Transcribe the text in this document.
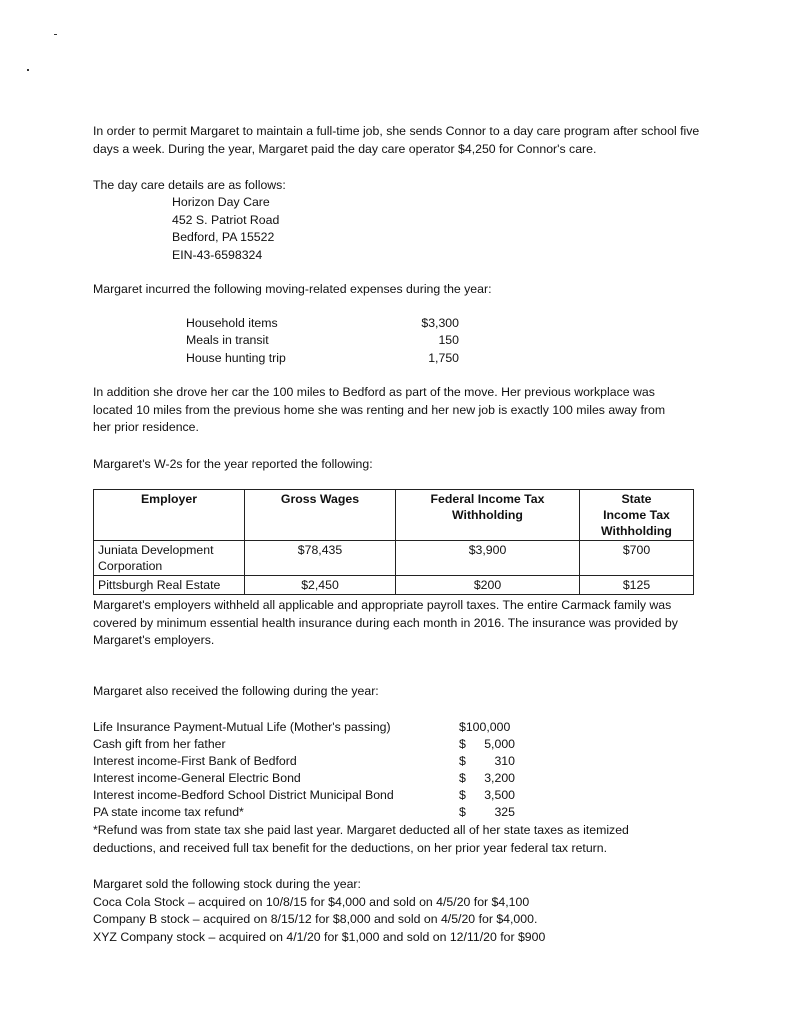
In order to permit Margaret to maintain a full-time job, she sends Connor to a day care program after school five days a week. During the year, Margaret paid the day care operator $4,250 for Connor's care.

The day care details are as follows:
Horizon Day Care
452 S. Patriot Road
Bedford, PA 15522
EIN-43-6598324
Margaret incurred the following moving-related expenses during the year:
Household items	$3,300
Meals in transit	150
House hunting trip	1,750
In addition she drove her car the 100 miles to Bedford as part of the move. Her previous workplace was located 10 miles from the previous home she was renting and her new job is exactly 100 miles away from her prior residence.
Margaret's W-2s for the year reported the following:
Employer	Gross Wages	Federal Income Tax Withholding	State Income Tax Withholding
Juniata Development Corporation	$78,435	$3,900	$700
Pittsburgh Real Estate	$2,450	$200	$125
Margaret's employers withheld all applicable and appropriate payroll taxes. The entire Carmack family was covered by minimum essential health insurance during each month in 2016. The insurance was provided by Margaret's employers.
Margaret also received the following during the year:
Life Insurance Payment-Mutual Life (Mother's passing)	$100,000
Cash gift from her father	$	5,000
Interest income-First Bank of Bedford	$	310
Interest income-General Electric Bond	$	3,200
Interest income-Bedford School District Municipal Bond	$	3,500
PA state income tax refund*	$	325
*Refund was from state tax she paid last year. Margaret deducted all of her state taxes as itemized deductions, and received full tax benefit for the deductions, on her prior year federal tax return.
Margaret sold the following stock during the year:
Coca Cola Stock – acquired on 10/8/15 for $4,000 and sold on 4/5/20 for $4,100
Company B stock – acquired on 8/15/12 for $8,000 and sold on 4/5/20 for $4,000.
XYZ Company stock – acquired on 4/1/20 for $1,000 and sold on 12/11/20 for $900
